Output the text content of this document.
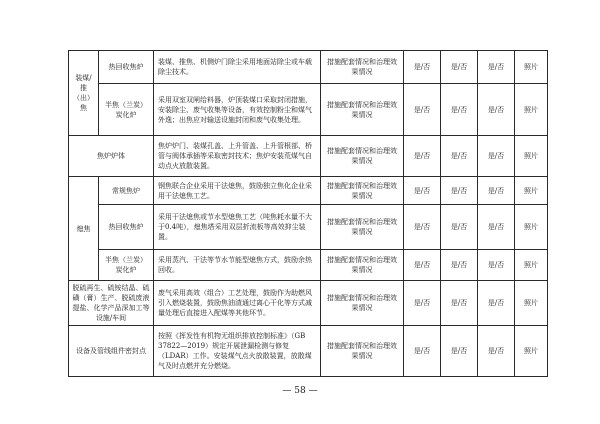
装煤/推（出）焦	热回收焦炉	装煤、推焦、机侧炉门除尘采用地面站除尘或车载除尘技术。	措施配套情况和治理效果情况	是/否	是/否	是/否	照片
	半焦（兰炭）炭化炉	采用双室双闸给料器，炉顶装煤口采取封闭措施，安装除尘、废气收集等设备，有效控制粉尘和煤气外逸；出焦应对输送设施封闭和废气收集处理。	措施配套情况和治理效果情况	是/否	是/否	是/否	照片
焦炉炉体		焦炉炉门、装煤孔盖、上升管盖、上升管根部、桥管与阀体承插等采取密封技术；焦炉安装荒煤气自动点火放散装置。	措施配套情况和治理效果情况	是/否	是/否	是/否	照片
熄焦	常规焦炉	钢焦联合企业采用干法熄焦，鼓励独立焦化企业采用干法熄焦工艺。	措施配套情况和治理效果情况	是/否	是/否	是/否	照片
	热回收焦炉	采用干法熄焦或节水型熄焦工艺（吨焦耗水量不大于0.4吨），熄焦塔采用双层折流板等高效抑尘装置。	措施配套情况和治理效果情况	是/否	是/否	是/否	照片
	半焦（兰炭）炭化炉	采用蒸汽、干法等节水节能型熄焦方式，鼓励余热回收。	措施配套情况和治理效果情况	是/否	是/否	是/否	照片
脱硫再生、硫铵结晶、硫磺（膏）生产、脱硫废液提盐、化学产品深加工等设施/车间		废气采用高效（组合）工艺处理，鼓励作为助燃风引入燃烧装置，鼓励焦油渣通过离心干化等方式减量处理后直接进入配煤等其他环节。	措施配套情况和治理效果情况	是/否	是/否	是/否	照片
设备及管线组件密封点		按照《挥发性有机物无组织排放控制标准》（GB 37822—2019）规定开展泄漏检测与修复（LDAR）工作。安装煤气点火放散装置，放散煤气及时点燃并充分燃烧。	措施配套情况和治理效果情况	是/否	是/否	是/否	照片
— 58 —
